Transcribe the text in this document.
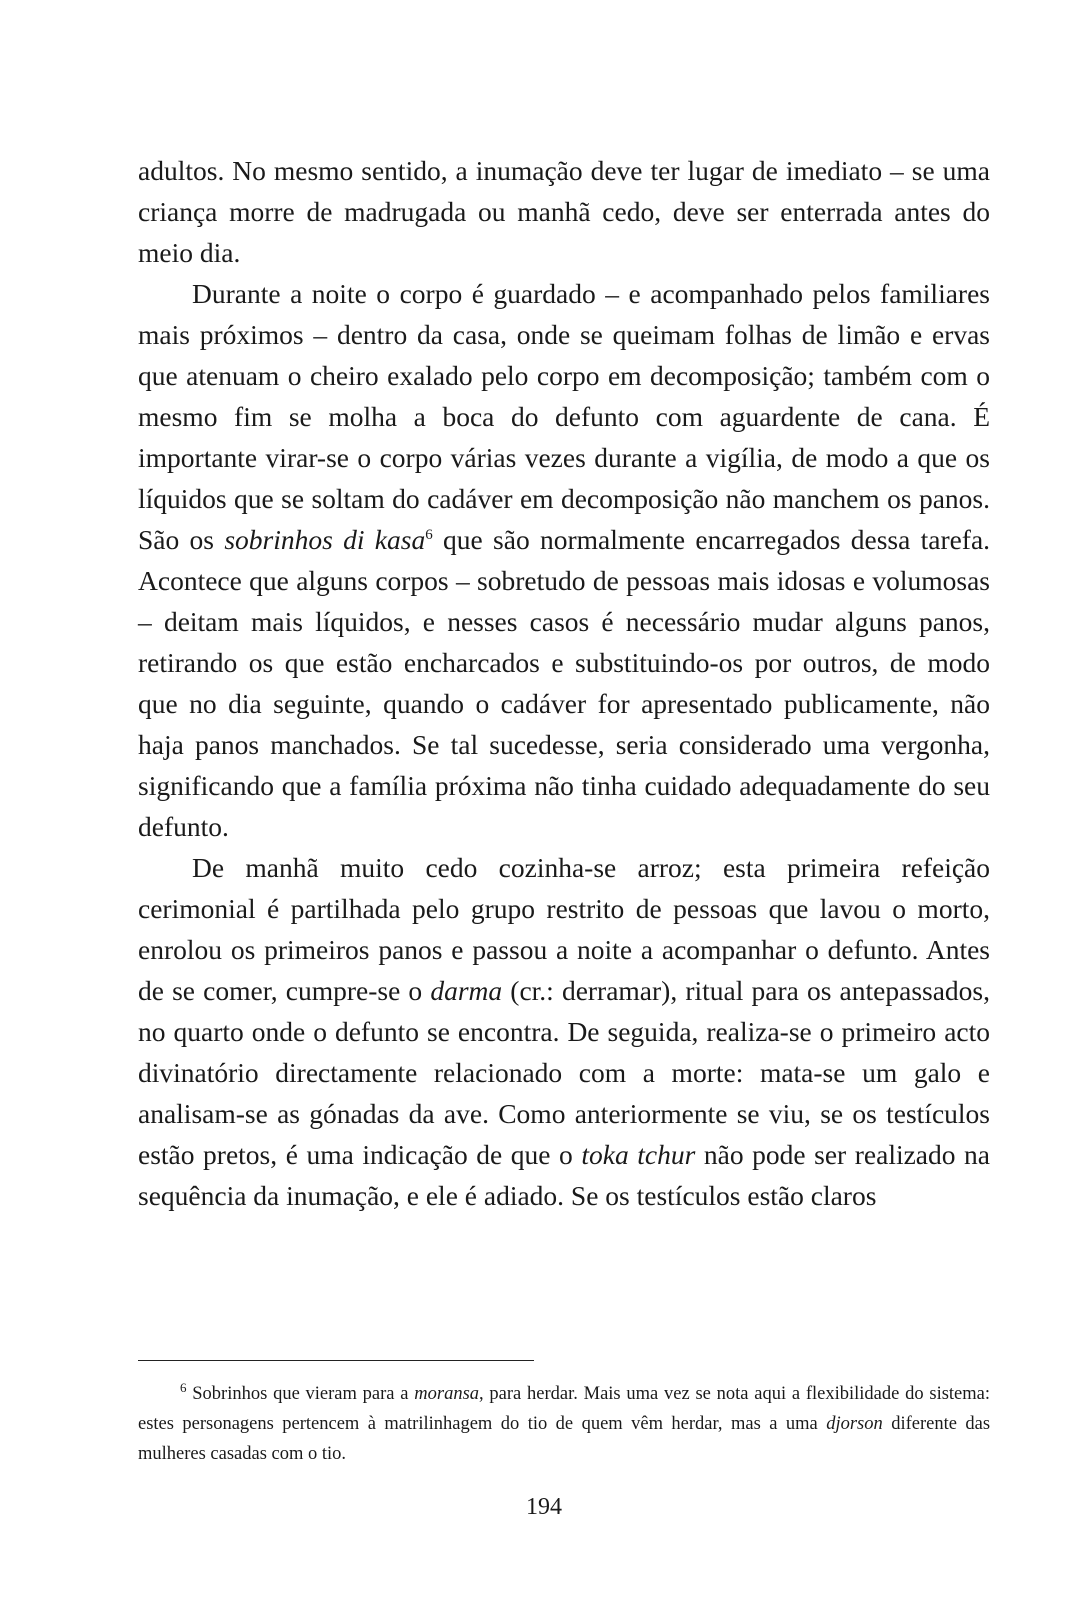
adultos. No mesmo sentido, a inumação deve ter lugar de imediato – se uma criança morre de madrugada ou manhã cedo, deve ser enterrada antes do meio dia.

Durante a noite o corpo é guardado – e acompanhado pelos familiares mais próximos – dentro da casa, onde se queimam folhas de limão e ervas que atenuam o cheiro exalado pelo corpo em decomposição; também com o mesmo fim se molha a boca do defunto com aguardente de cana. É importante virar-se o corpo várias vezes durante a vigília, de modo a que os líquidos que se soltam do cadáver em decomposição não manchem os panos. São os sobrinhos di kasa$^6$ que são normalmente encarregados dessa tarefa. Acontece que alguns corpos – sobretudo de pessoas mais idosas e volumosas – deitam mais líquidos, e nesses casos é necessário mudar alguns panos, retirando os que estão encharcados e substituindo-os por outros, de modo que no dia seguinte, quando o cadáver for apresentado publicamente, não haja panos manchados. Se tal sucedesse, seria considerado uma vergonha, significando que a família próxima não tinha cuidado adequadamente do seu defunto.

De manhã muito cedo cozinha-se arroz; esta primeira refeição cerimonial é partilhada pelo grupo restrito de pessoas que lavou o morto, enrolou os primeiros panos e passou a noite a acompanhar o defunto. Antes de se comer, cumpre-se o darma (cr.: derramar), ritual para os antepassados, no quarto onde o defunto se encontra. De seguida, realiza-se o primeiro acto divinatório directamente relacionado com a morte: mata-se um galo e analisam-se as gónadas da ave. Como anteriormente se viu, se os testículos estão pretos, é uma indicação de que o toka tchur não pode ser realizado na sequência da inumação, e ele é adiado. Se os testículos estão claros

$^6$ Sobrinhos que vieram para a moransa, para herdar. Mais uma vez se nota aqui a flexibilidade do sistema: estes personagens pertencem à matrilinhagem do tio de quem vêm herdar, mas a uma djorson diferente das mulheres casadas com o tio.

194
